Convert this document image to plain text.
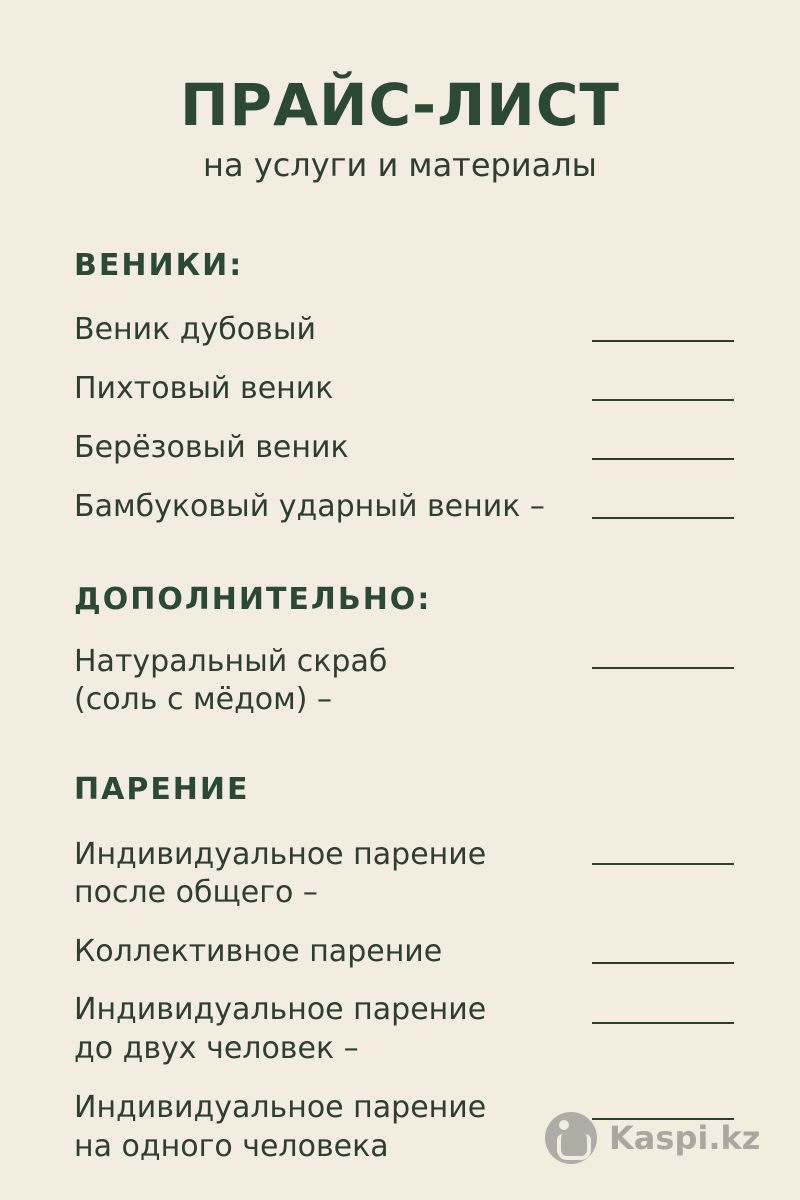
ПРАЙС-ЛИСТ
на услуги и материалы
ВЕНИКИ:
Веник дубовый
Пихтовый веник
Берёзовый веник
Бамбуковый ударный веник –
ДОПОЛНИТЕЛЬНО:
Натуральный скраб
(соль с мёдом) –
ПАРЕНИЕ
Индивидуальное парение
после общего –
Коллективное парение
Индивидуальное парение
до двух человек –
Индивидуальное парение
на одного человека	Kaspi.kz
